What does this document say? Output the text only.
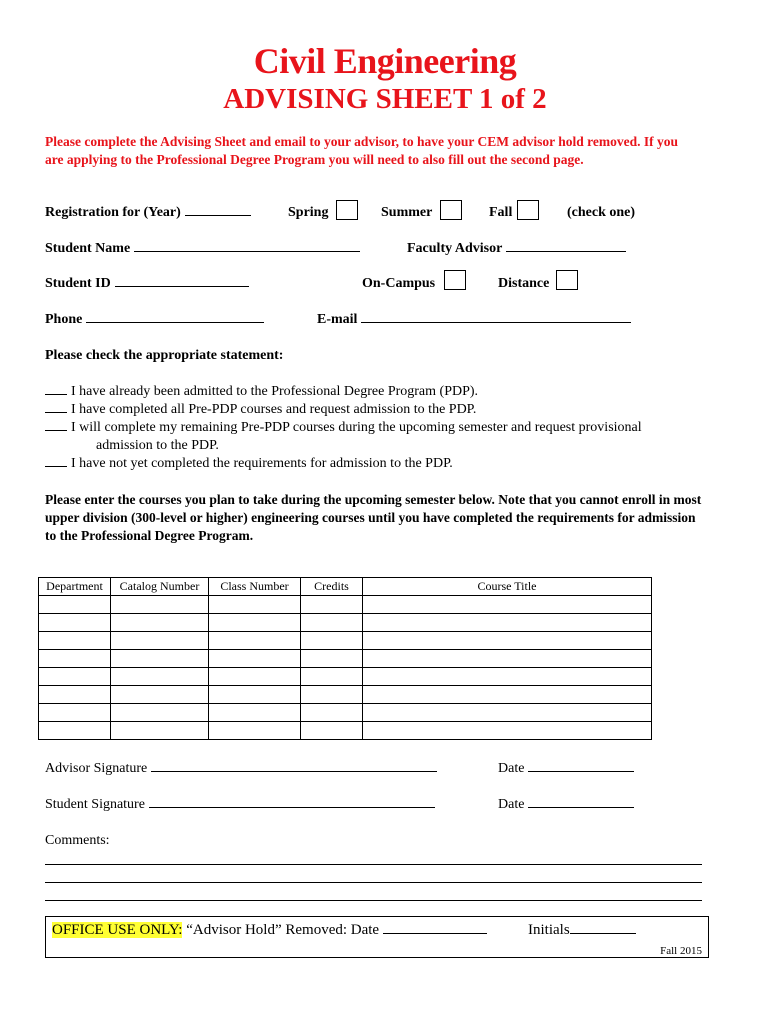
Civil Engineering
ADVISING SHEET 1 of 2
Please complete the Advising Sheet and email to your advisor, to have your CEM advisor hold removed. If you are applying to the Professional Degree Program you will need to also fill out the second page.
Registration for (Year)	Spring	Summer	Fall	(check one)
Student Name	Faculty Advisor
Student ID	On-Campus	Distance
Phone	E-mail
Please check the appropriate statement:
I have already been admitted to the Professional Degree Program (PDP).
I have completed all Pre-PDP courses and request admission to the PDP.
I will complete my remaining Pre-PDP courses during the upcoming semester and request provisional
admission to the PDP.
I have not yet completed the requirements for admission to the PDP.
Please enter the courses you plan to take during the upcoming semester below. Note that you cannot enroll in most upper division (300-level or higher) engineering courses until you have completed the requirements for admission to the Professional Degree Program.
Department	Catalog Number	Class Number	Credits	Course Title

Advisor Signature	Date
Student Signature	Date
Comments:
OFFICE USE ONLY: “Advisor Hold” Removed: Date	Initials
Fall 2015
